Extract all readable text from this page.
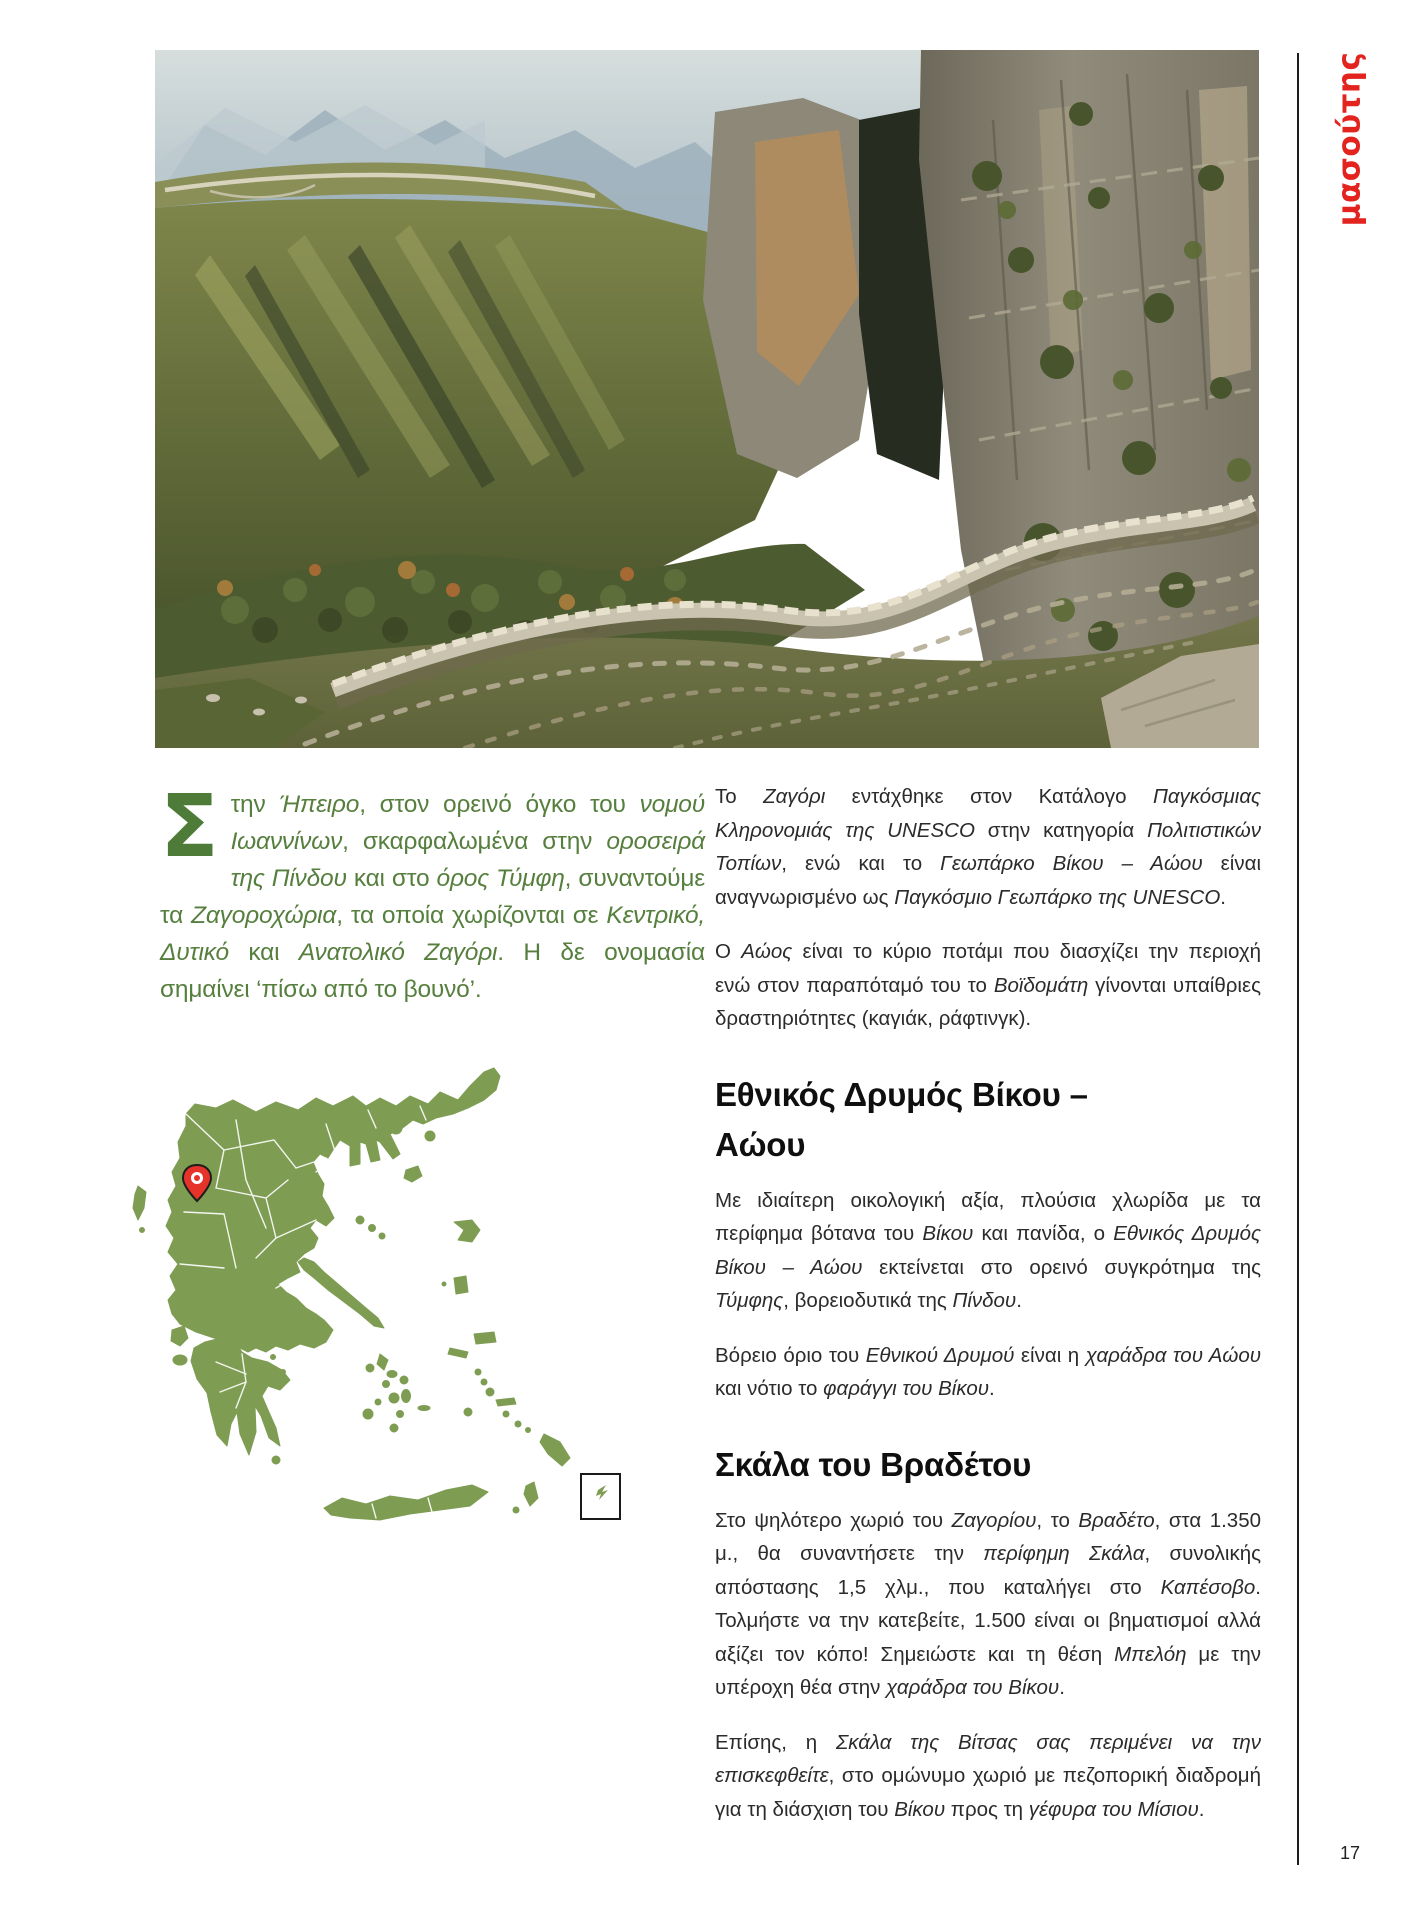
μασούτης
Στην Ήπειρο, στον ορεινό όγκο του νομού Ιωαννίνων, σκαρφαλωμένα στην οροσειρά της Πίνδου και στο όρος Τύμφη, συναντούμε τα Ζαγοροχώρια, τα οποία χωρίζονται σε Κεντρικό, Δυτικό και Ανατολικό Ζαγόρι. Η δε ονομασία σημαίνει ‘πίσω από το βουνό’.

Το Ζαγόρι εντάχθηκε στον Κατάλογο Παγκόσμιας Κληρονομιάς της UNESCO στην κατηγορία Πολιτιστικών Τοπίων, ενώ και το Γεωπάρκο Βίκου – Αώου είναι αναγνωρισμένο ως Παγκόσμιο Γεωπάρκο της UNESCO.

Ο Αώος είναι το κύριο ποτάμι που διασχίζει την περιοχή ενώ στον παραπόταμό του το Βοϊδομάτη γίνονται υπαίθριες δραστηριότητες (καγιάκ, ράφτινγκ).

Εθνικός Δρυμός Βίκου –
Αώου

Με ιδιαίτερη οικολογική αξία, πλούσια χλωρίδα με τα περίφημα βότανα του Βίκου και πανίδα, ο Εθνικός Δρυμός Βίκου – Αώου εκτείνεται στο ορεινό συγκρότημα της Τύμφης, βορειοδυτικά της Πίνδου.

Βόρειο όριο του Εθνικού Δρυμού είναι η χαράδρα του Αώου και νότιο το φαράγγι του Βίκου.

Σκάλα του Βραδέτου

Στο ψηλότερο χωριό του Ζαγορίου, το Βραδέτο, στα 1.350 μ., θα συναντήσετε την περίφημη Σκάλα, συνολικής απόστασης 1,5 χλμ., που καταλήγει στο Καπέσοβο. Τολμήστε να την κατεβείτε, 1.500 είναι οι βηματισμοί αλλά αξίζει τον κόπο! Σημειώστε και τη θέση Μπελόη με την υπέροχη θέα στην χαράδρα του Βίκου.

Επίσης, η Σκάλα της Βίτσας σας περιμένει να την επισκεφθείτε, στο ομώνυμο χωριό με πεζοπορική διαδρομή για τη διάσχιση του Βίκου προς τη γέφυρα του Μίσιου.

17
